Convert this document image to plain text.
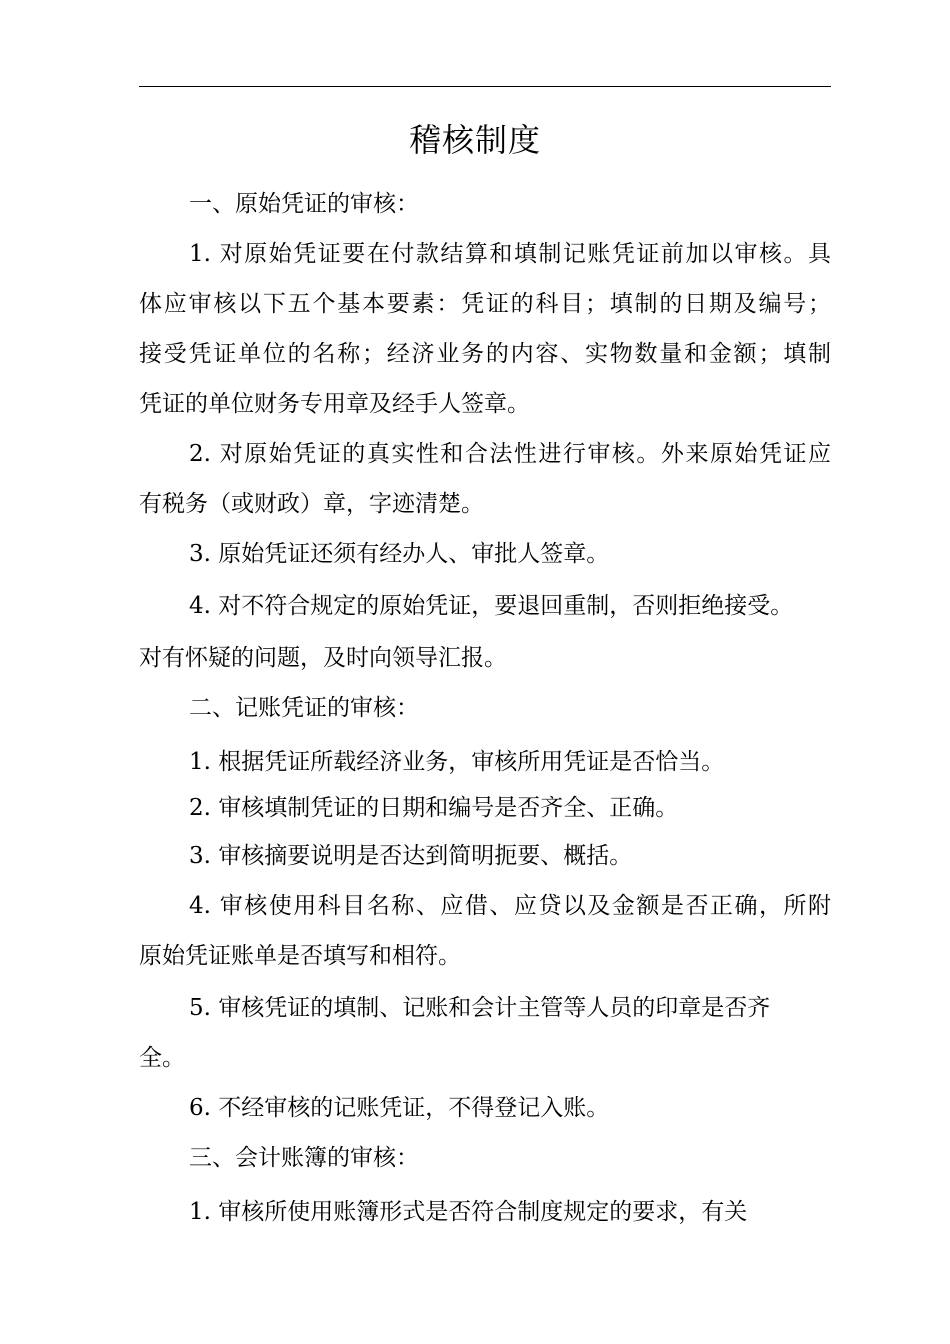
稽核制度
一、原始凭证的审核：
1. 对原始凭证要在付款结算和填制记账凭证前加以审核。具
体应审核以下五个基本要素：凭证的科目；填制的日期及编号；
接受凭证单位的名称；经济业务的内容、实物数量和金额；填制
凭证的单位财务专用章及经手人签章。
2. 对原始凭证的真实性和合法性进行审核。外来原始凭证应
有税务（或财政）章，字迹清楚。
3. 原始凭证还须有经办人、审批人签章。
4. 对不符合规定的原始凭证，要退回重制，否则拒绝接受。
对有怀疑的问题，及时向领导汇报。
二、记账凭证的审核：
1. 根据凭证所载经济业务，审核所用凭证是否恰当。
2. 审核填制凭证的日期和编号是否齐全、正确。
3. 审核摘要说明是否达到简明扼要、概括。
4. 审核使用科目名称、应借、应贷以及金额是否正确，所附
原始凭证账单是否填写和相符。
5. 审核凭证的填制、记账和会计主管等人员的印章是否齐
全。
6. 不经审核的记账凭证，不得登记入账。
三、会计账簿的审核：
1. 审核所使用账簿形式是否符合制度规定的要求，有关
